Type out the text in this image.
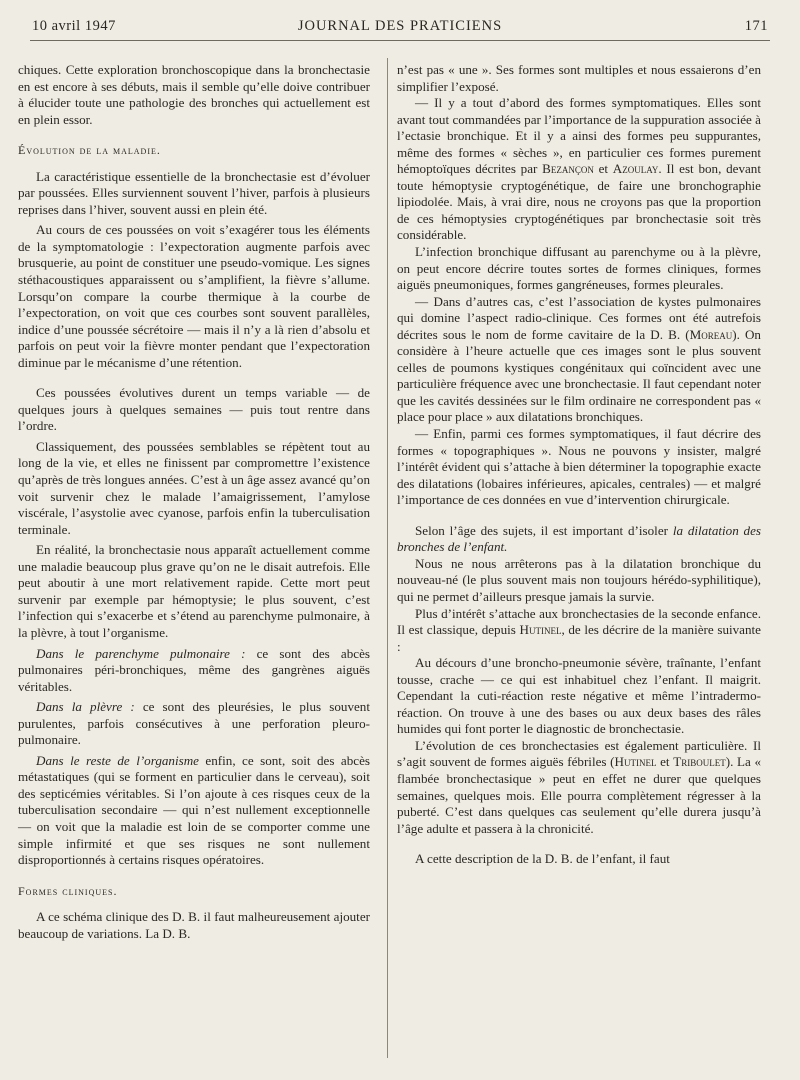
10 avril 1947	JOURNAL DES PRATICIENS	171

chiques. Cette exploration bronchoscopique dans la bronchectasie en est encore à ses débuts, mais il semble qu’elle doive contribuer à élucider toute une pathologie des bronches qui actuellement est en plein essor.

Évolution de la maladie.

La caractéristique essentielle de la bronchectasie est d’évoluer par poussées. Elles surviennent souvent l’hiver, parfois à plusieurs reprises dans l’hiver, souvent aussi en plein été.

Au cours de ces poussées on voit s’exagérer tous les éléments de la symptomatologie : l’expectoration augmente parfois avec brusquerie, au point de constituer une pseudo-vomique. Les signes stéthacoustiques apparaissent ou s’amplifient, la fièvre s’allume. Lorsqu’on compare la courbe thermique à la courbe de l’expectoration, on voit que ces courbes sont souvent parallèles, indice d’une poussée sécrétoire — mais il n’y a là rien d’absolu et parfois on peut voir la fièvre monter pendant que l’expectoration diminue par le mécanisme d’une rétention.

Ces poussées évolutives durent un temps variable — de quelques jours à quelques semaines — puis tout rentre dans l’ordre.

Classiquement, des poussées semblables se répètent tout au long de la vie, et elles ne finissent par compromettre l’existence qu’après de très longues années. C’est à un âge assez avancé qu’on voit survenir chez le malade l’amaigrissement, l’amylose viscérale, l’asystolie avec cyanose, parfois enfin la tuberculisation terminale.

En réalité, la bronchectasie nous apparaît actuellement comme une maladie beaucoup plus grave qu’on ne le disait autrefois. Elle peut aboutir à une mort relativement rapide. Cette mort peut survenir par exemple par hémoptysie; le plus souvent, c’est l’infection qui s’exacerbe et s’étend au parenchyme pulmonaire, à la plèvre, à tout l’organisme.

Dans le parenchyme pulmonaire : ce sont des abcès pulmonaires péri-bronchiques, même des gangrènes aiguës véritables.

Dans la plèvre : ce sont des pleurésies, le plus souvent purulentes, parfois consécutives à une perforation pleuro-pulmonaire.

Dans le reste de l’organisme enfin, ce sont, soit des abcès métastatiques (qui se forment en particulier dans le cerveau), soit des septicémies véritables. Si l’on ajoute à ces risques ceux de la tuberculisation secondaire — qui n’est nullement exceptionnelle — on voit que la maladie est loin de se comporter comme une simple infirmité et que ses risques ne sont nullement disproportionnés à certains risques opératoires.

Formes cliniques.

A ce schéma clinique des D. B. il faut malheureusement ajouter beaucoup de variations. La D. B.

n’est pas « une ». Ses formes sont multiples et nous essaierons d’en simplifier l’exposé.

— Il y a tout d’abord des formes symptomatiques. Elles sont avant tout commandées par l’importance de la suppuration associée à l’ectasie bronchique. Et il y a ainsi des formes peu suppurantes, même des formes « sèches », en particulier ces formes purement hémoptoïques décrites par Bezançon et Azoulay. Il est bon, devant toute hémoptysie cryptogénétique, de faire une bronchographie lipiodolée. Mais, à vrai dire, nous ne croyons pas que la proportion de ces hémoptysies cryptogénétiques par bronchectasie soit très considérable.

L’infection bronchique diffusant au parenchyme ou à la plèvre, on peut encore décrire toutes sortes de formes cliniques, formes aiguës pneumoniques, formes gangréneuses, formes pleurales.

— Dans d’autres cas, c’est l’association de kystes pulmonaires qui domine l’aspect radio-clinique. Ces formes ont été autrefois décrites sous le nom de forme cavitaire de la D. B. (Moreau). On considère à l’heure actuelle que ces images sont le plus souvent celles de poumons kystiques congénitaux qui coïncident avec une particulière fréquence avec une bronchectasie. Il faut cependant noter que les cavités dessinées sur le film ordinaire ne correspondent pas « place pour place » aux dilatations bronchiques.

— Enfin, parmi ces formes symptomatiques, il faut décrire des formes « topographiques ». Nous ne pouvons y insister, malgré l’intérêt évident qui s’attache à bien déterminer la topographie exacte des dilatations (lobaires inférieures, apicales, centrales) — et malgré l’importance de ces données en vue d’intervention chirurgicale.

Selon l’âge des sujets, il est important d’isoler la dilatation des bronches de l’enfant.

Nous ne nous arrêterons pas à la dilatation bronchique du nouveau-né (le plus souvent mais non toujours hérédo-syphilitique), qui ne permet d’ailleurs presque jamais la survie.

Plus d’intérêt s’attache aux bronchectasies de la seconde enfance. Il est classique, depuis Hutinel, de les décrire de la manière suivante :

Au décours d’une broncho-pneumonie sévère, traînante, l’enfant tousse, crache — ce qui est inhabituel chez l’enfant. Il maigrit. Cependant la cuti-réaction reste négative et même l’intradermo-réaction. On trouve à une des bases ou aux deux bases des râles humides qui font porter le diagnostic de bronchectasie.

L’évolution de ces bronchectasies est également particulière. Il s’agit souvent de formes aiguës fébriles (Hutinel et Triboulet). La « flambée bronchectasique » peut en effet ne durer que quelques semaines, quelques mois. Elle pourra complètement régresser à la puberté. C’est dans quelques cas seulement qu’elle durera jusqu’à l’âge adulte et passera à la chronicité.

A cette description de la D. B. de l’enfant, il faut
